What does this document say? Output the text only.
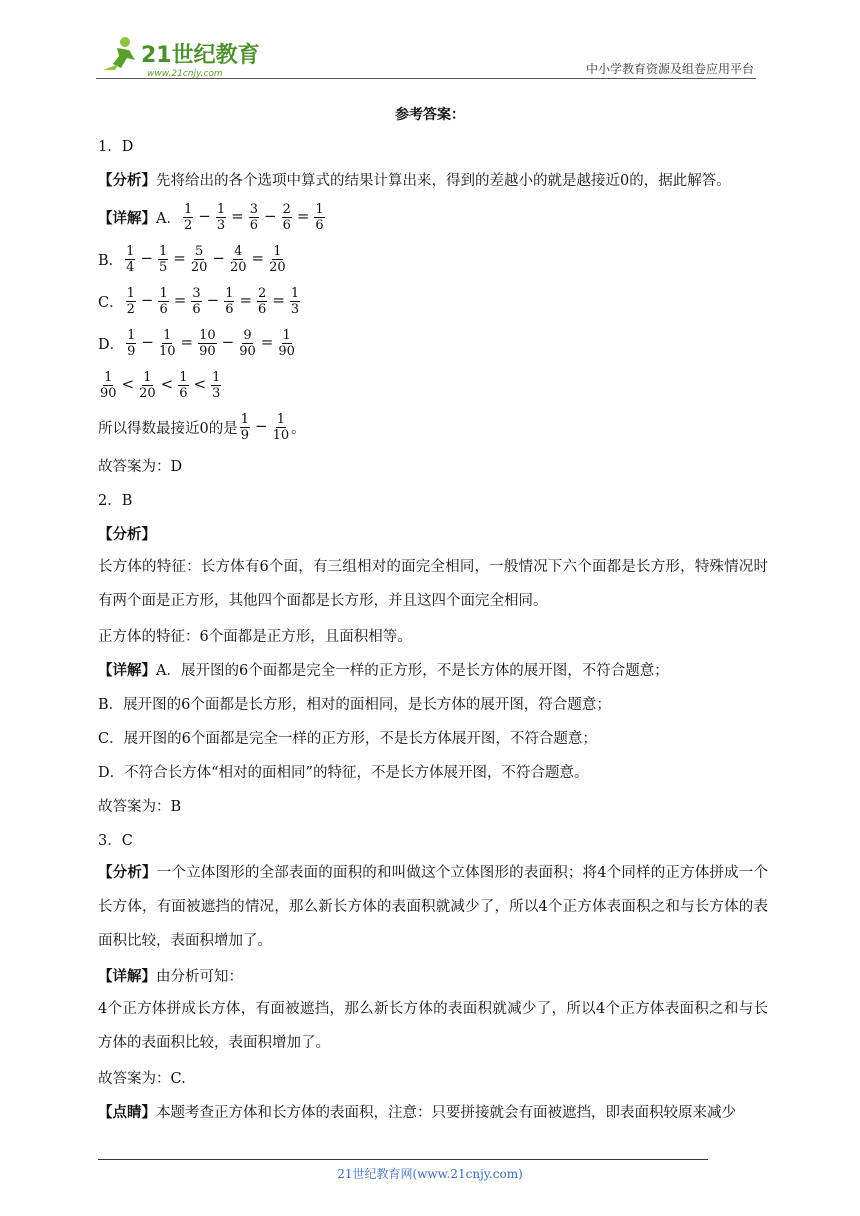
21世纪教育
www.21cnjy.com	中小学教育资源及组卷应用平台
参考答案：
1．D
【分析】 先将给出的各个选项中算式的结果计算出来，得到的差越小的就是越接近0的，据此解答。
【详解】 A． $\frac{1}{2} - \frac{1}{3} = \frac{3}{6} - \frac{2}{6} = \frac{1}{6}$
B． $\frac{1}{4} - \frac{1}{5} = \frac{5}{20} - \frac{4}{20} = \frac{1}{20}$
C． $\frac{1}{2} - \frac{1}{6} = \frac{3}{6} - \frac{1}{6} = \frac{2}{6} = \frac{1}{3}$
D． $\frac{1}{9} - \frac{1}{10} = \frac{10}{90} - \frac{9}{90} = \frac{1}{90}$
$\frac{1}{90} < \frac{1}{20} < \frac{1}{6} < \frac{1}{3}$
所以得数最接近0的是 $\frac{1}{9} - \frac{1}{10}$ 。
故答案为：D
2．B
【分析】
长方体的特征：长方体有6个面，有三组相对的面完全相同，一般情况下六个面都是长方形，特殊情况时有两个面是正方形，其他四个面都是长方形，并且这四个面完全相同。
正方体的特征：6个面都是正方形，且面积相等。
【详解】 A．展开图的6个面都是完全一样的正方形，不是长方体的展开图，不符合题意；
B．展开图的6个面都是长方形，相对的面相同，是长方体的展开图，符合题意；
C．展开图的6个面都是完全一样的正方形，不是长方体展开图，不符合题意；
D．不符合长方体“相对的面相同”的特征，不是长方体展开图，不符合题意。
故答案为：B
3．C
【分析】一个立体图形的全部表面的面积的和叫做这个立体图形的表面积；将4个同样的正方体拼成一个长方体，有面被遮挡的情况，那么新长方体的表面积就减少了，所以4个正方体表面积之和与长方体的表面积比较，表面积增加了。
【详解】 由分析可知：
4个正方体拼成长方体，有面被遮挡，那么新长方体的表面积就减少了，所以4个正方体表面积之和与长方体的表面积比较，表面积增加了。
故答案为：C.
【点睛】 本题考查正方体和长方体的表面积，注意：只要拼接就会有面被遮挡，即表面积较原来减少
21世纪教育网(www.21cnjy.com)
